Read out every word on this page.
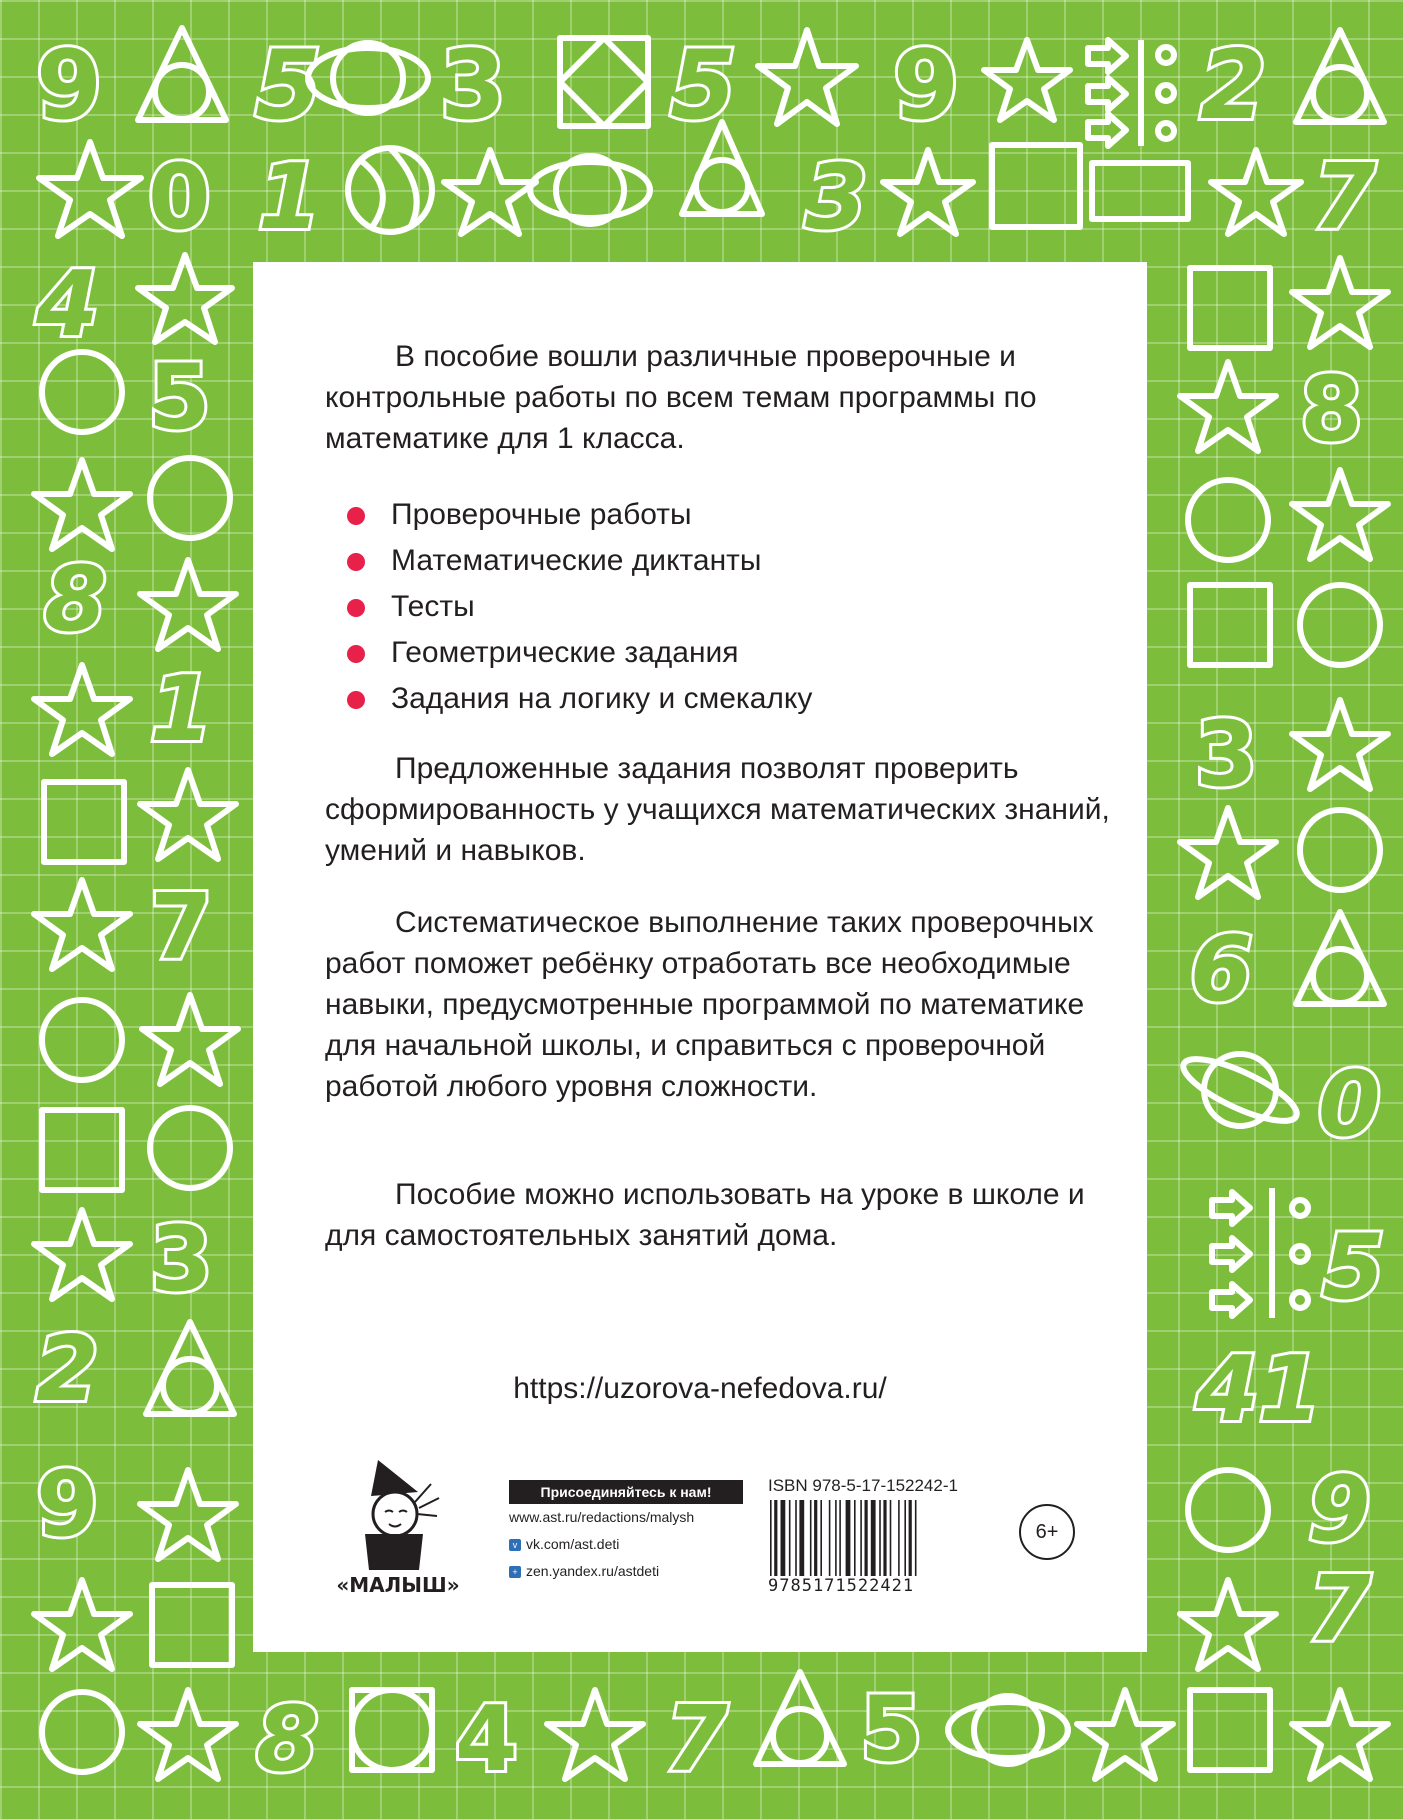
9 5 3 5 9	2
0 1	3	7
4
5
8
1
7
3
2
9
8
3
6
0
5
41
9
7
8 4 7 5

В пособие вошли различные проверочные и контрольные работы по всем темам программы по математике для 1 класса.

Проверочные работы
Математические диктанты
Тесты
Геометрические задания
Задания на логику и смекалку

Предложенные задания позволят проверить сформированность у учащихся математических знаний, умений и навыков.

Систематическое выполнение таких проверочных работ поможет ребёнку отработать все необходимые навыки, предусмотренные программой по математике для начальной школы, и справиться с проверочной работой любого уровня сложности.

Пособие можно использовать на уроке в школе и для самостоятельных занятий дома.

https://uzorova-nefedova.ru/
«МАЛЫШ»
Присоединяйтесь к нам!
www.ast.ru/redactions/malysh
v vk.com/ast.deti
+ zen.yandex.ru/astdeti
ISBN 978-5-17-152242-1
9785171522421
6+
